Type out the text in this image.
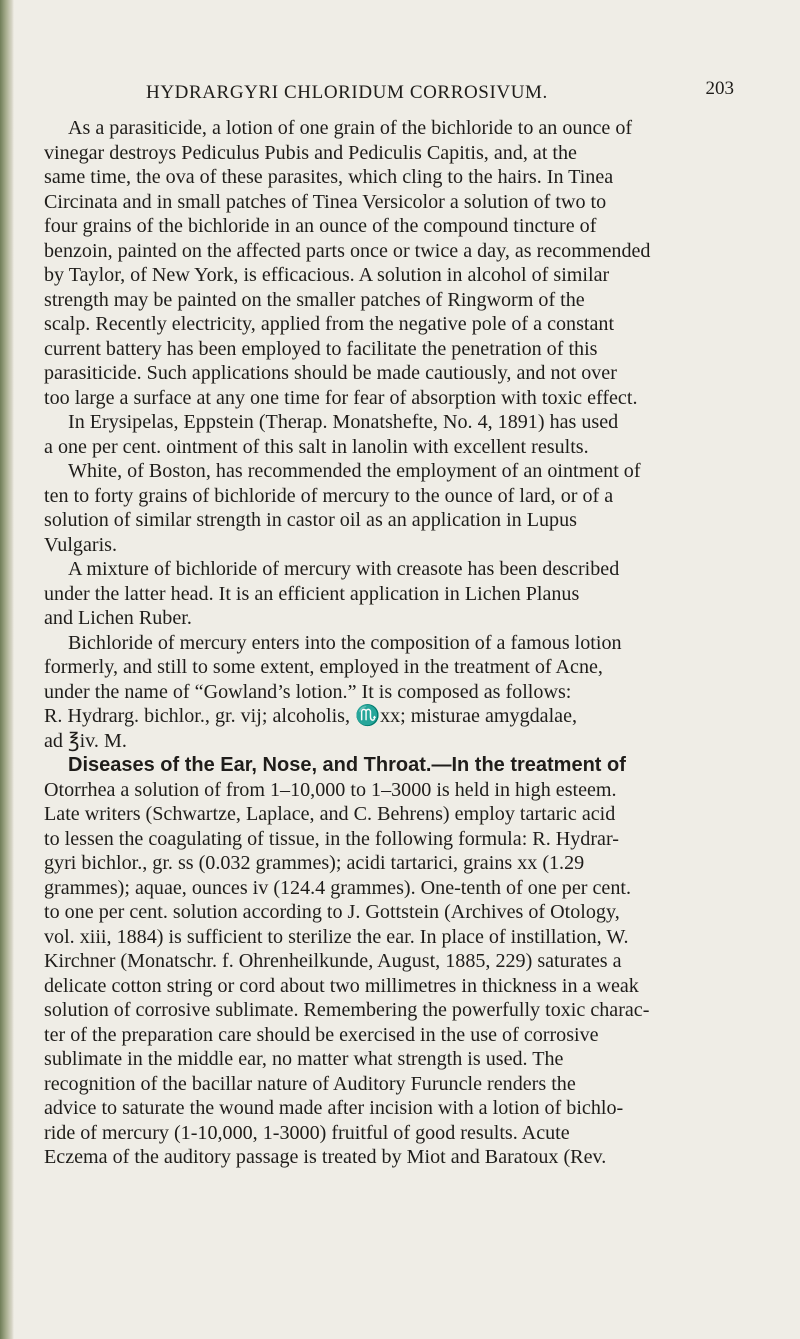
HYDRARGYRI CHLORIDUM CORROSIVUM.	203
As a parasiticide, a lotion of one grain of the bichloride to an ounce of
vinegar destroys Pediculus Pubis and Pediculis Capitis, and, at the
same time, the ova of these parasites, which cling to the hairs. In Tinea
Circinata and in small patches of Tinea Versicolor a solution of two to
four grains of the bichloride in an ounce of the compound tincture of
benzoin, painted on the affected parts once or twice a day, as recommended
by Taylor, of New York, is efficacious. A solution in alcohol of similar
strength may be painted on the smaller patches of Ringworm of the
scalp. Recently electricity, applied from the negative pole of a constant
current battery has been employed to facilitate the penetration of this
parasiticide. Such applications should be made cautiously, and not over
too large a surface at any one time for fear of absorption with toxic effect.
In Erysipelas, Eppstein (Therap. Monatshefte, No. 4, 1891) has used
a one per cent. ointment of this salt in lanolin with excellent results.
White, of Boston, has recommended the employment of an ointment of
ten to forty grains of bichloride of mercury to the ounce of lard, or of a
solution of similar strength in castor oil as an application in Lupus
Vulgaris.
A mixture of bichloride of mercury with creasote has been described
under the latter head. It is an efficient application in Lichen Planus
and Lichen Ruber.
Bichloride of mercury enters into the composition of a famous lotion
formerly, and still to some extent, employed in the treatment of Acne,
under the name of “Gowland’s lotion.” It is composed as follows:
R. Hydrarg. bichlor., gr. vij; alcoholis, ♏xx; misturae amygdalae,
ad ℥iv. M.
Diseases of the Ear, Nose, and Throat.—In the treatment of
Otorrhea a solution of from 1–10,000 to 1–3000 is held in high esteem.
Late writers (Schwartze, Laplace, and C. Behrens) employ tartaric acid
to lessen the coagulating of tissue, in the following formula: R. Hydrar-
gyri bichlor., gr. ss (0.032 grammes); acidi tartarici, grains xx (1.29
grammes); aquae, ounces iv (124.4 grammes). One-tenth of one per cent.
to one per cent. solution according to J. Gottstein (Archives of Otology,
vol. xiii, 1884) is sufficient to sterilize the ear. In place of instillation, W.
Kirchner (Monatschr. f. Ohrenheilkunde, August, 1885, 229) saturates a
delicate cotton string or cord about two millimetres in thickness in a weak
solution of corrosive sublimate. Remembering the powerfully toxic charac-
ter of the preparation care should be exercised in the use of corrosive
sublimate in the middle ear, no matter what strength is used. The
recognition of the bacillar nature of Auditory Furuncle renders the
advice to saturate the wound made after incision with a lotion of bichlo-
ride of mercury (1-10,000, 1-3000) fruitful of good results. Acute
Eczema of the auditory passage is treated by Miot and Baratoux (Rev.
